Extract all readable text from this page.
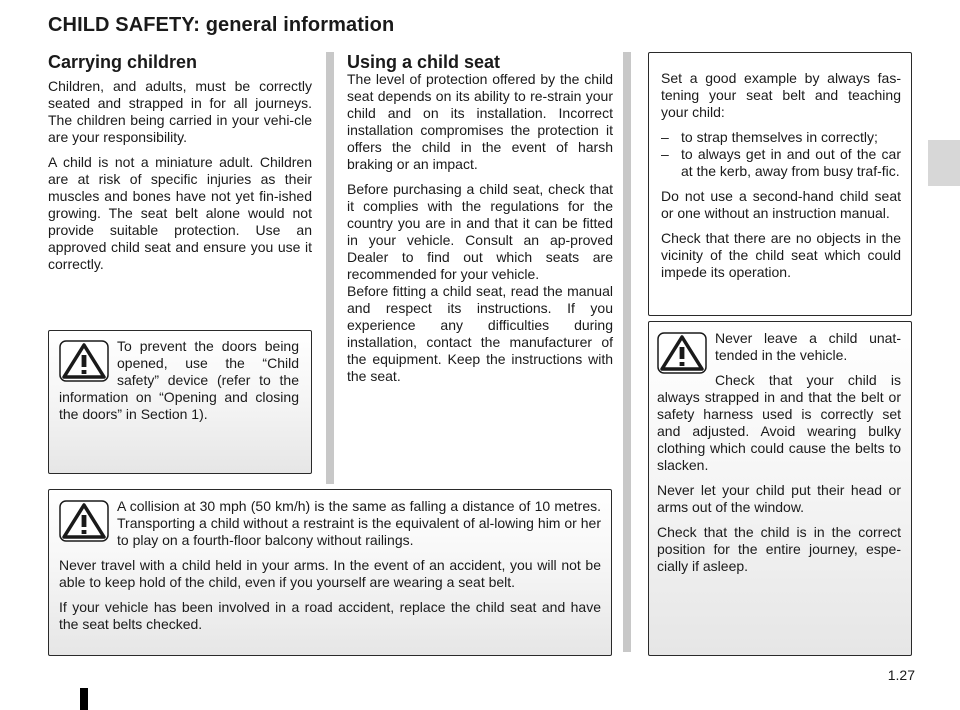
CHILD SAFETY: general information
Carrying children

Children, and adults, must be correctly seated and strapped in for all journeys. The children being carried in your vehi-cle are your responsibility.

A child is not a miniature adult. Children are at risk of specific injuries as their muscles and bones have not yet fin-ished growing. The seat belt alone would not provide suitable protection. Use an approved child seat and ensure you use it correctly.

Using a child seat

The level of protection offered by the child seat depends on its ability to re-strain your child and on its installation. Incorrect installation compromises the protection it offers the child in the event of harsh braking or an impact.

Before purchasing a child seat, check that it complies with the regulations for the country you are in and that it can be fitted in your vehicle. Consult an ap-proved Dealer to find out which seats are recommended for your vehicle.

Before fitting a child seat, read the manual and respect its instructions. If you experience any difficulties during installation, contact the manufacturer of the equipment. Keep the instructions with the seat.

Set a good example by always fas-tening your seat belt and teaching your child:

– to strap themselves in correctly;
– to always get in and out of the car at the kerb, away from busy traf-fic.

Do not use a second-hand child seat or one without an instruction manual.

Check that there are no objects in the vicinity of the child seat which could impede its operation.

To prevent the doors being opened, use the “Child safety” device (refer to the information on “Opening and closing the doors” in Section 1).

Never leave a child unat-tended in the vehicle.

Check that your child is always strapped in and that the belt or safety harness used is correctly set and adjusted. Avoid wearing bulky clothing which could cause the belts to slacken.

Never let your child put their head or arms out of the window.

Check that the child is in the correct position for the entire journey, espe-cially if asleep.

A collision at 30 mph (50 km/h) is the same as falling a distance of 10 metres. Transporting a child without a restraint is the equivalent of al-lowing him or her to play on a fourth-floor balcony without railings.

Never travel with a child held in your arms. In the event of an accident, you will not be able to keep hold of the child, even if you yourself are wearing a seat belt.

If your vehicle has been involved in a road accident, replace the child seat and have the seat belts checked.

1.27
